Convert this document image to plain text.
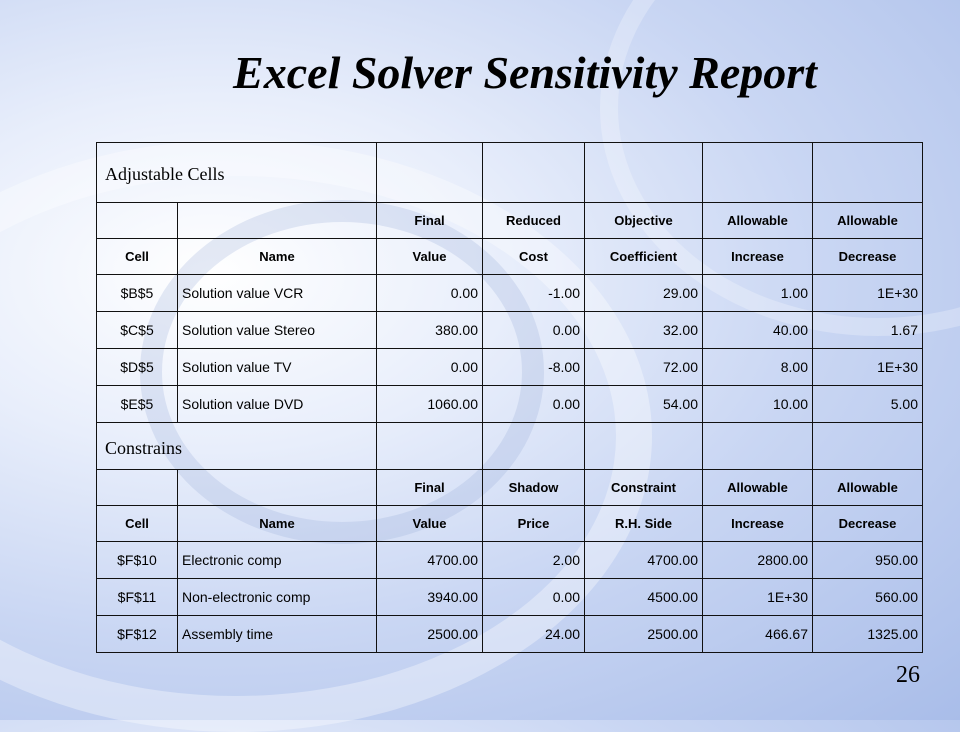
Excel Solver Sensitivity Report
Adjustable Cells						
		Final	Reduced	Objective	Allowable	Allowable
Cell	Name	Value	Cost	Coefficient	Increase	Decrease
$B$5	Solution value VCR	0.00	-1.00	29.00	1.00	1E+30
$C$5	Solution value Stereo	380.00	0.00	32.00	40.00	1.67
$D$5	Solution value TV	0.00	-8.00	72.00	8.00	1E+30
$E$5	Solution value DVD	1060.00	0.00	54.00	10.00	5.00
Constrains						
		Final	Shadow	Constraint	Allowable	Allowable
Cell	Name	Value	Price	R.H. Side	Increase	Decrease
$F$10	Electronic comp	4700.00	2.00	4700.00	2800.00	950.00
$F$11	Non-electronic comp	3940.00	0.00	4500.00	1E+30	560.00
$F$12	Assembly time	2500.00	24.00	2500.00	466.67	1325.00
26
